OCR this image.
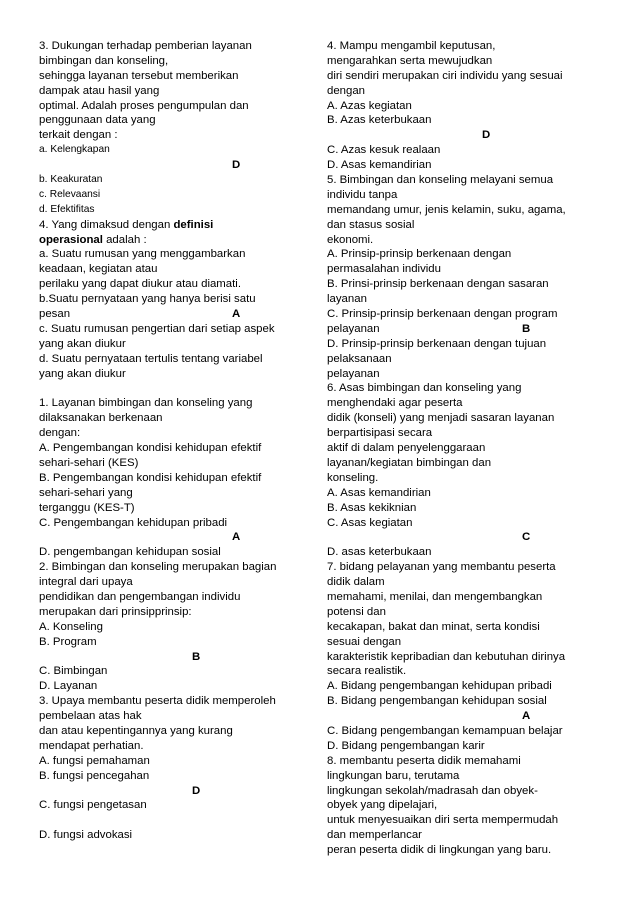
3. Dukungan terhadap pemberian layanan
bimbingan dan konseling,
sehingga layanan tersebut memberikan
dampak atau hasil yang
optimal. Adalah proses pengumpulan dan
penggunaan data yang
terkait dengan :
a. Kelengkapan
D
b. Keakuratan
c. Relevaansi
d. Efektifitas
4. Yang dimaksud dengan definisi
operasional adalah :
a. Suatu rumusan yang menggambarkan
keadaan, kegiatan atau
perilaku yang dapat diukur atau diamati.
b.Suatu pernyataan yang hanya berisi satu
pesan	A
c. Suatu rumusan pengertian dari setiap aspek
yang akan diukur
d. Suatu pernyataan tertulis tentang variabel
yang akan diukur
1. Layanan bimbingan dan konseling yang
dilaksanakan berkenaan
dengan:
A. Pengembangan kondisi kehidupan efektif
sehari-sehari (KES)
B. Pengembangan kondisi kehidupan efektif
sehari-sehari yang
terganggu (KES-T)
C. Pengembangan kehidupan pribadi
A
D. pengembangan kehidupan sosial
2. Bimbingan dan konseling merupakan bagian
integral dari upaya
pendidikan dan pengembangan individu
merupakan dari prinsipprinsip:
A. Konseling
B. Program
B
C. Bimbingan
D. Layanan
3. Upaya membantu peserta didik memperoleh
pembelaan atas hak
dan atau kepentingannya yang kurang
mendapat perhatian.
A. fungsi pemahaman
B. fungsi pencegahan
D
C. fungsi pengetasan
D. fungsi advokasi
4. Mampu mengambil keputusan,
mengarahkan serta mewujudkan
diri sendiri merupakan ciri individu yang sesuai
dengan
A. Azas kegiatan
B. Azas keterbukaan
D
C. Azas kesuk realaan
D. Asas kemandirian
5. Bimbingan dan konseling melayani semua
individu tanpa
memandang umur, jenis kelamin, suku, agama,
dan stasus sosial
ekonomi.
A. Prinsip-prinsip berkenaan dengan
permasalahan individu
B. Prinsi-prinsip berkenaan dengan sasaran
layanan
C. Prinsip-prinsip berkenaan dengan program
pelayanan	B
D. Prinsip-prinsip berkenaan dengan tujuan
pelaksanaan
pelayanan
6. Asas bimbingan dan konseling yang
menghendaki agar peserta
didik (konseli) yang menjadi sasaran layanan
berpartisipasi secara
aktif di dalam penyelenggaraan
layanan/kegiatan bimbingan dan
konseling.
A. Asas kemandirian
B. Asas kekiknian
C. Asas kegiatan
C
D. asas keterbukaan
7. bidang pelayanan yang membantu peserta
didik dalam
memahami, menilai, dan mengembangkan
potensi dan
kecakapan, bakat dan minat, serta kondisi
sesuai dengan
karakteristik kepribadian dan kebutuhan dirinya
secara realistik.
A. Bidang pengembangan kehidupan pribadi
B. Bidang pengembangan kehidupan sosial
A
C. Bidang pengembangan kemampuan belajar
D. Bidang pengembangan karir
8. membantu peserta didik memahami
lingkungan baru, terutama
lingkungan sekolah/madrasah dan obyek-
obyek yang dipelajari,
untuk menyesuaikan diri serta mempermudah
dan memperlancar
peran peserta didik di lingkungan yang baru.
